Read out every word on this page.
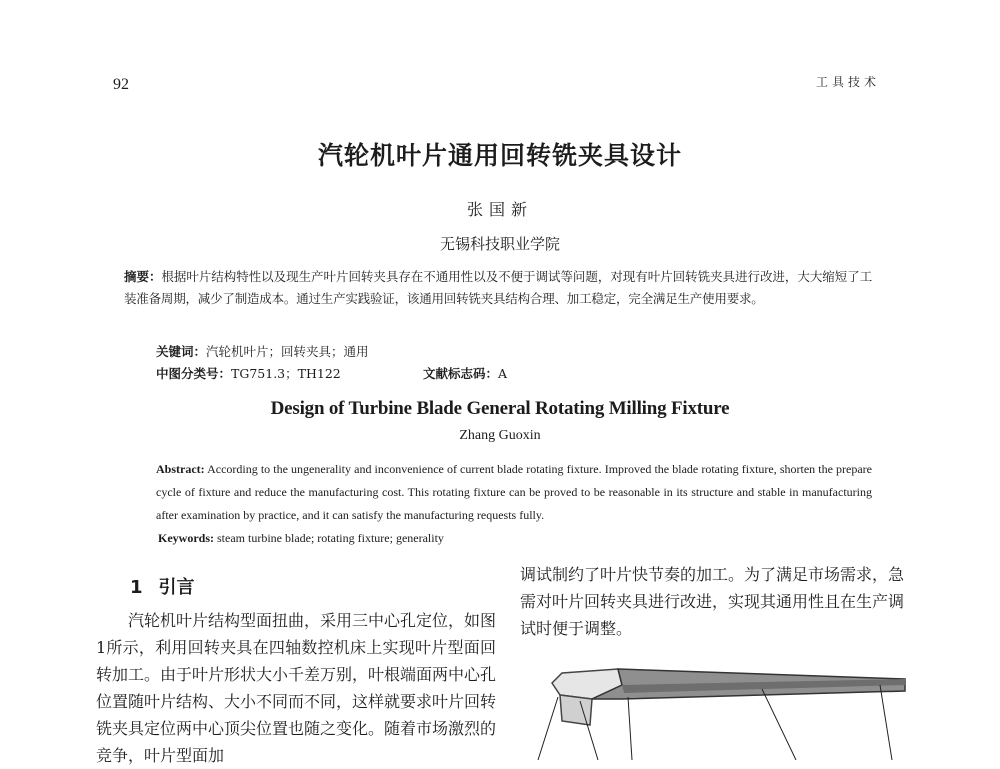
92	工具技术
汽轮机叶片通用回转铣夹具设计
张国新
无锡科技职业学院
摘要：根据叶片结构特性以及现生产叶片回转夹具存在不通用性以及不便于调试等问题，对现有叶片回转铣夹具进行改进，大大缩短了工装准备周期，减少了制造成本。通过生产实践验证，该通用回转铣夹具结构合理、加工稳定，完全满足生产使用要求。
关键词：汽轮机叶片；回转夹具；通用
中图分类号：TG751.3；TH122	文献标志码：A
Design of Turbine Blade General Rotating Milling Fixture
Zhang Guoxin
Abstract: According to the ungenerality and inconvenience of current blade rotating fixture. Improved the blade rotating fixture, shorten the prepare cycle of fixture and reduce the manufacturing cost. This rotating fixture can be proved to be reasonable in its structure and stable in manufacturing after examination by practice, and it can satisfy the manufacturing requests fully.
Keywords: steam turbine blade; rotating fixture; generality
1 引言
汽轮机叶片结构型面扭曲，采用三中心孔定位，如图1所示，利用回转夹具在四轴数控机床上实现叶片型面回转加工。由于叶片形状大小千差万别，叶根端面两中心孔位置随叶片结构、大小不同而不同，这样就要求叶片回转铣夹具定位两中心顶尖位置也随之变化。随着市场激烈的竞争，叶片型面加
调试制约了叶片快节奏的加工。为了满足市场需求，急需对叶片回转夹具进行改进，实现其通用性且在生产调试时便于调整。
